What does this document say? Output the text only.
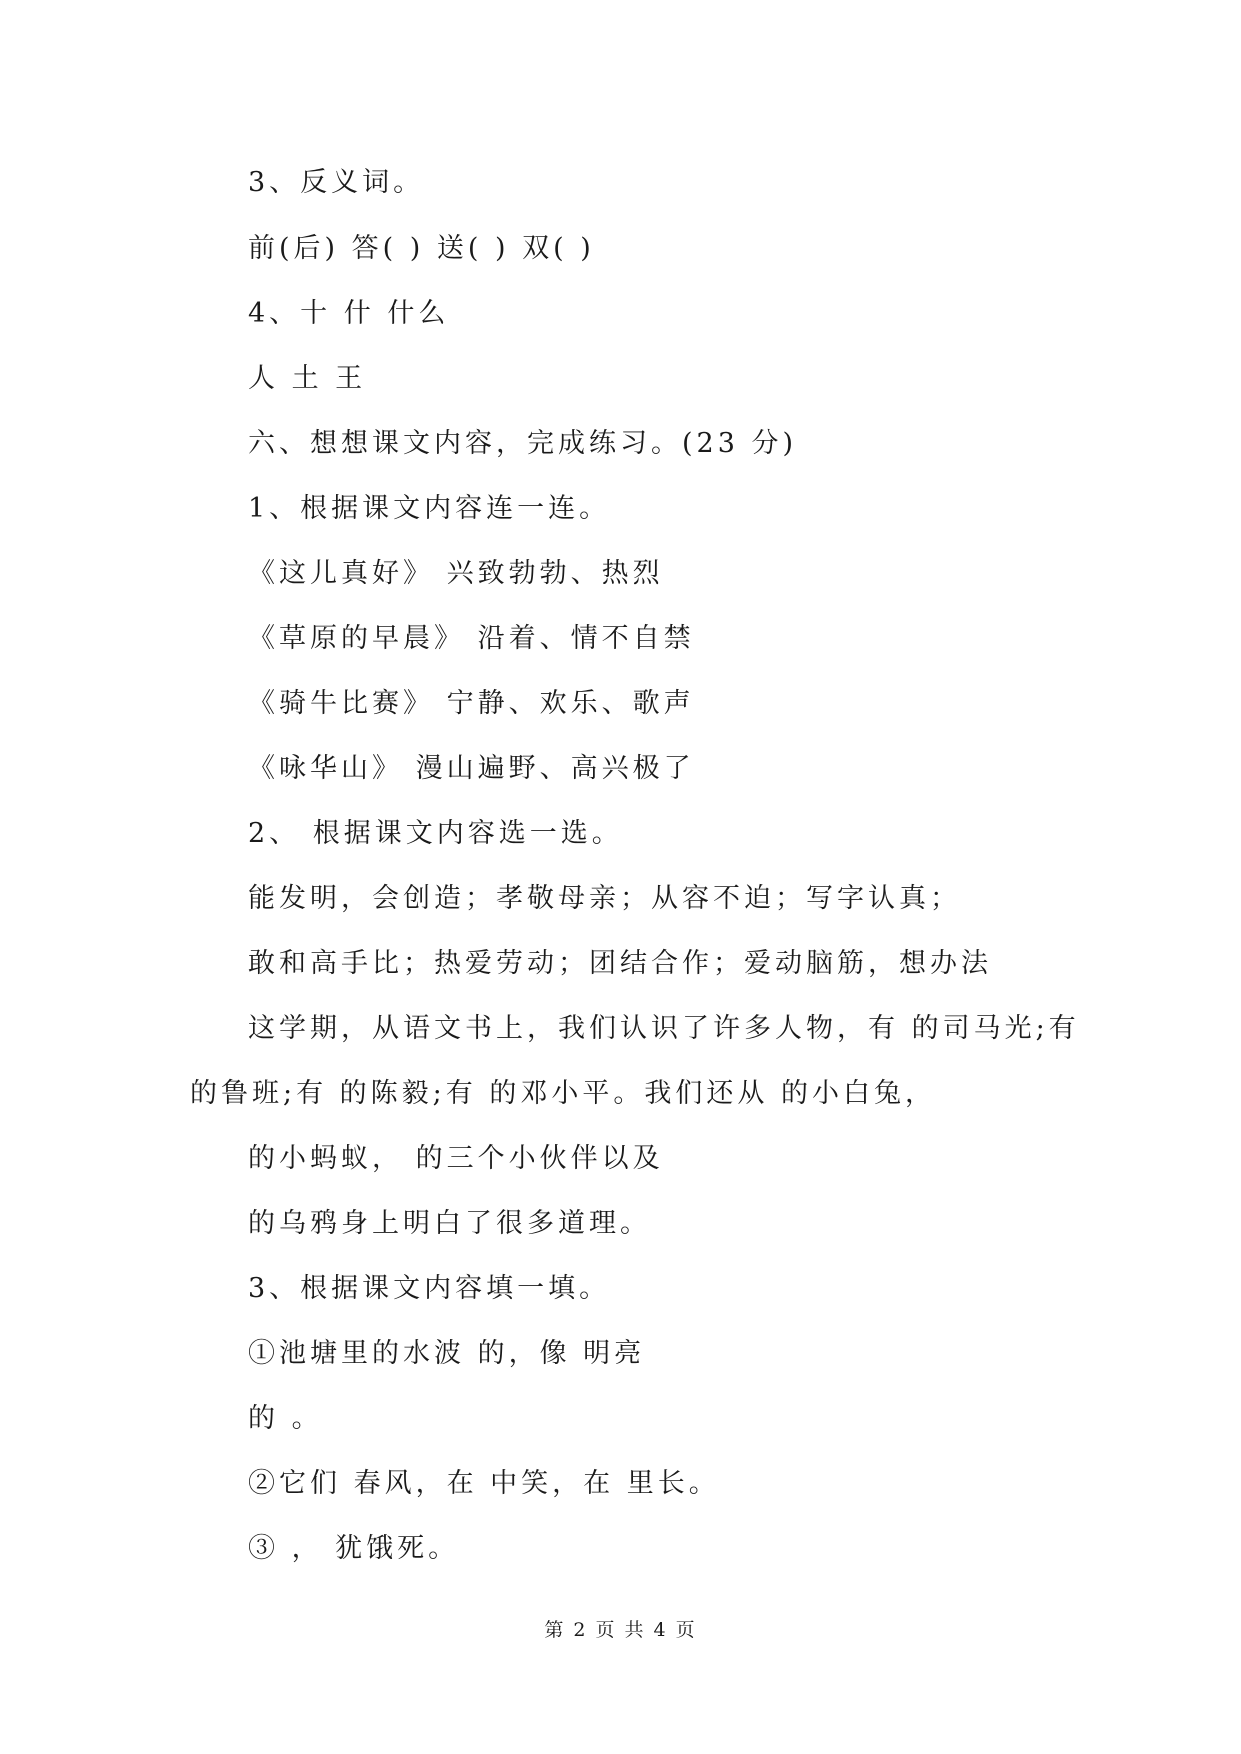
3、反义词。
前(后) 答( ) 送( ) 双( )
4、十 什 什么
人 土 王
六、想想课文内容，完成练习。(23 分)
1、根据课文内容连一连。
《这儿真好》 兴致勃勃、热烈
《草原的早晨》 沿着、情不自禁
《骑牛比赛》 宁静、欢乐、歌声
《咏华山》 漫山遍野、高兴极了
2、 根据课文内容选一选。
能发明，会创造；孝敬母亲；从容不迫；写字认真；
敢和高手比；热爱劳动；团结合作；爱动脑筋，想办法
这学期，从语文书上，我们认识了许多人物，有 的司马光;有
的鲁班;有 的陈毅;有 的邓小平。我们还从 的小白兔，
的小蚂蚁， 的三个小伙伴以及
的乌鸦身上明白了很多道理。
3、根据课文内容填一填。
①池塘里的水波 的，像 明亮
的 。
②它们 春风，在 中笑，在 里长。
③ ， 犹饿死。
第 2 页 共 4 页
